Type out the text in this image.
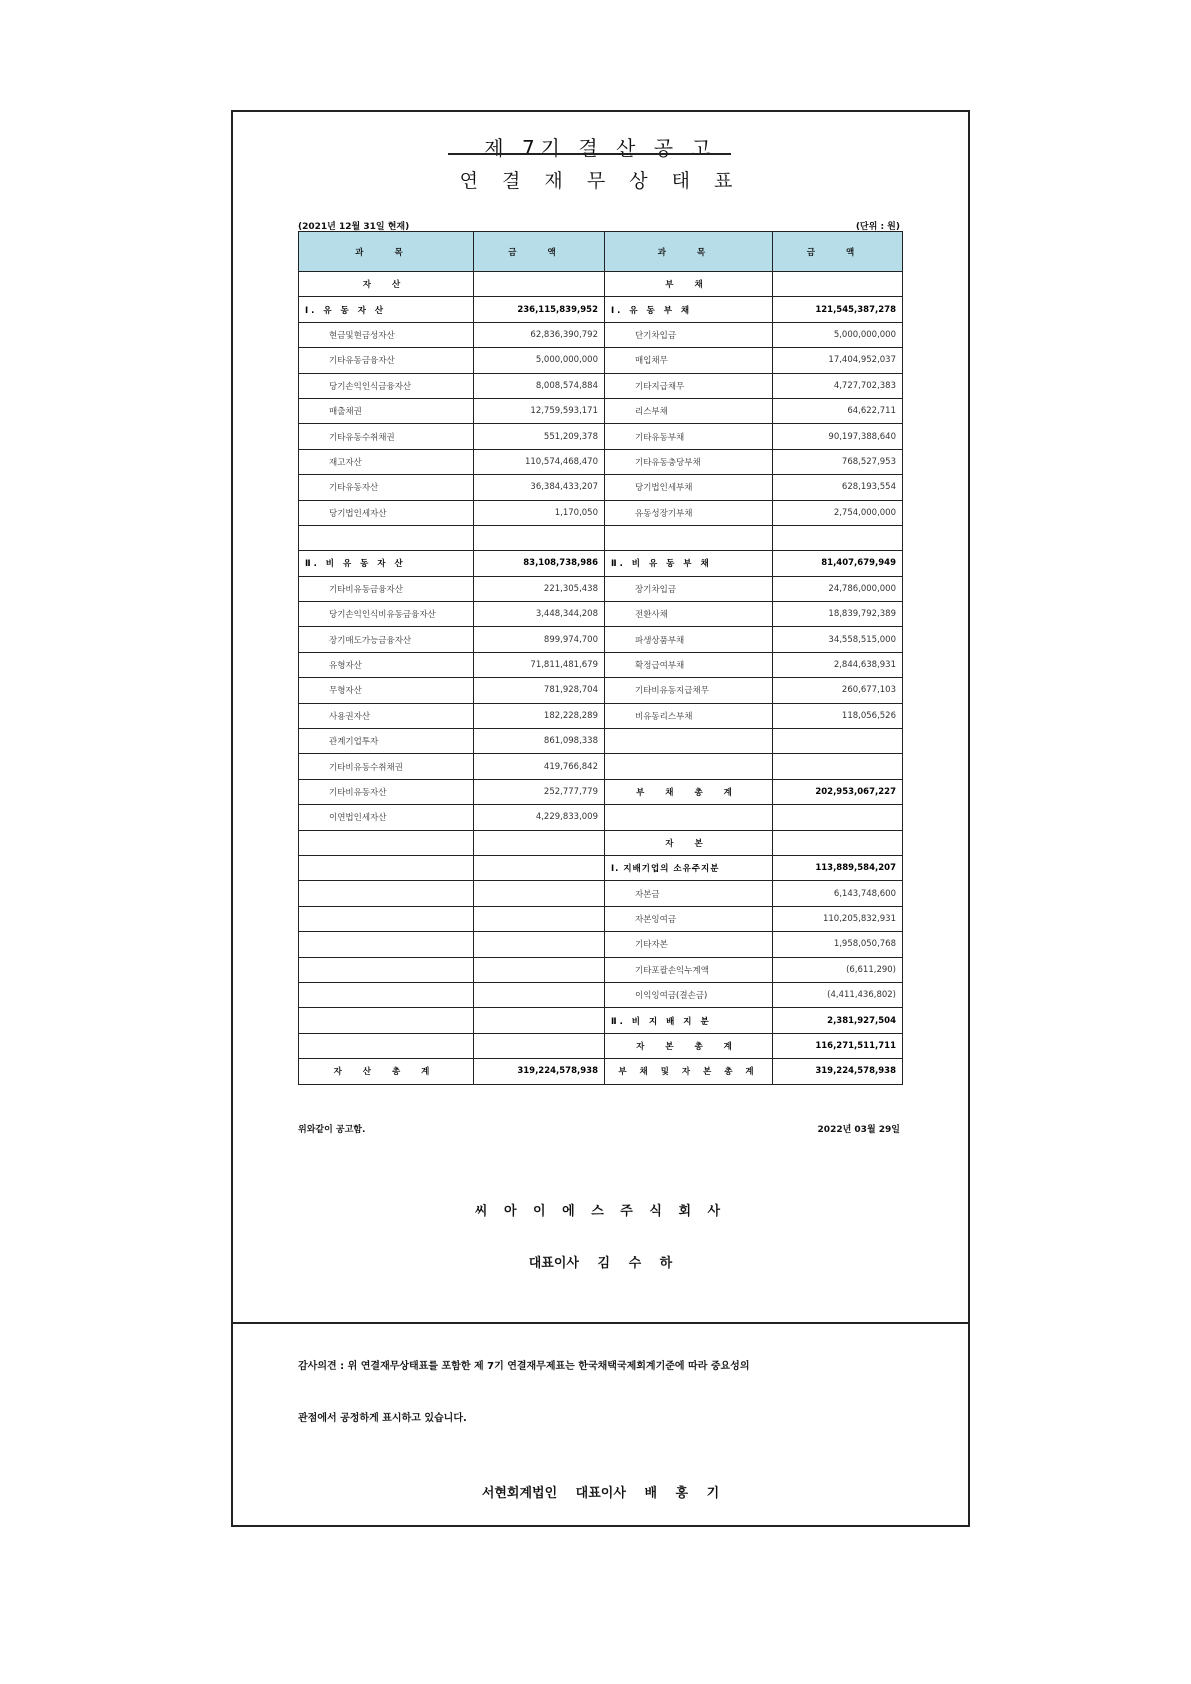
제 7기 결 산 공 고
연 결 재 무 상 태 표
(2021년 12월 31일 현재)	(단위 : 원)
과 목	금 액	과 목	금 액
자 산		부 채	
Ⅰ. 유 동 자 산	236,115,839,952	Ⅰ. 유 동 부 채	121,545,387,278
현금및현금성자산	62,836,390,792	단기차입금	5,000,000,000
기타유동금융자산	5,000,000,000	매입채무	17,404,952,037
당기손익인식금융자산	8,008,574,884	기타지급채무	4,727,702,383
매출채권	12,759,593,171	리스부채	64,622,711
기타유동수취채권	551,209,378	기타유동부채	90,197,388,640
재고자산	110,574,468,470	기타유동충당부채	768,527,953
기타유동자산	36,384,433,207	당기법인세부채	628,193,554
당기법인세자산	1,170,050	유동성장기부채	2,754,000,000

Ⅱ. 비 유 동 자 산	83,108,738,986	Ⅱ. 비 유 동 부 채	81,407,679,949
기타비유동금융자산	221,305,438	장기차입금	24,786,000,000
당기손익인식비유동금융자산	3,448,344,208	전환사채	18,839,792,389
장기매도가능금융자산	899,974,700	파생상품부채	34,558,515,000
유형자산	71,811,481,679	확정급여부채	2,844,638,931
무형자산	781,928,704	기타비유동지급채무	260,677,103
사용권자산	182,228,289	비유동리스부채	118,056,526
관계기업투자	861,098,338		
기타비유동수취채권	419,766,842		
기타비유동자산	252,777,779	부 채 총 계	202,953,067,227
이연법인세자산	4,229,833,009		
		자 본	
		Ⅰ. 지배기업의 소유주지분	113,889,584,207
		자본금	6,143,748,600
		자본잉여금	110,205,832,931
		기타자본	1,958,050,768
		기타포괄손익누계액	(6,611,290)
		이익잉여금(결손금)	(4,411,436,802)
		Ⅱ. 비 지 배 지 분	2,381,927,504
		자 본 총 계	116,271,511,711
자 산 총 계	319,224,578,938	부 채 및 자 본 총 계	319,224,578,938
위와같이 공고함.	2022년 03월 29일
씨 아 이 에 스 주 식 회 사
대표이사 김 수 하
감사의견 : 위 연결재무상태표를 포함한 제 7기 연결재무제표는 한국채택국제회계기준에 따라 중요성의
관점에서 공정하게 표시하고 있습니다.
서현회계법인 대표이사 배 홍 기
